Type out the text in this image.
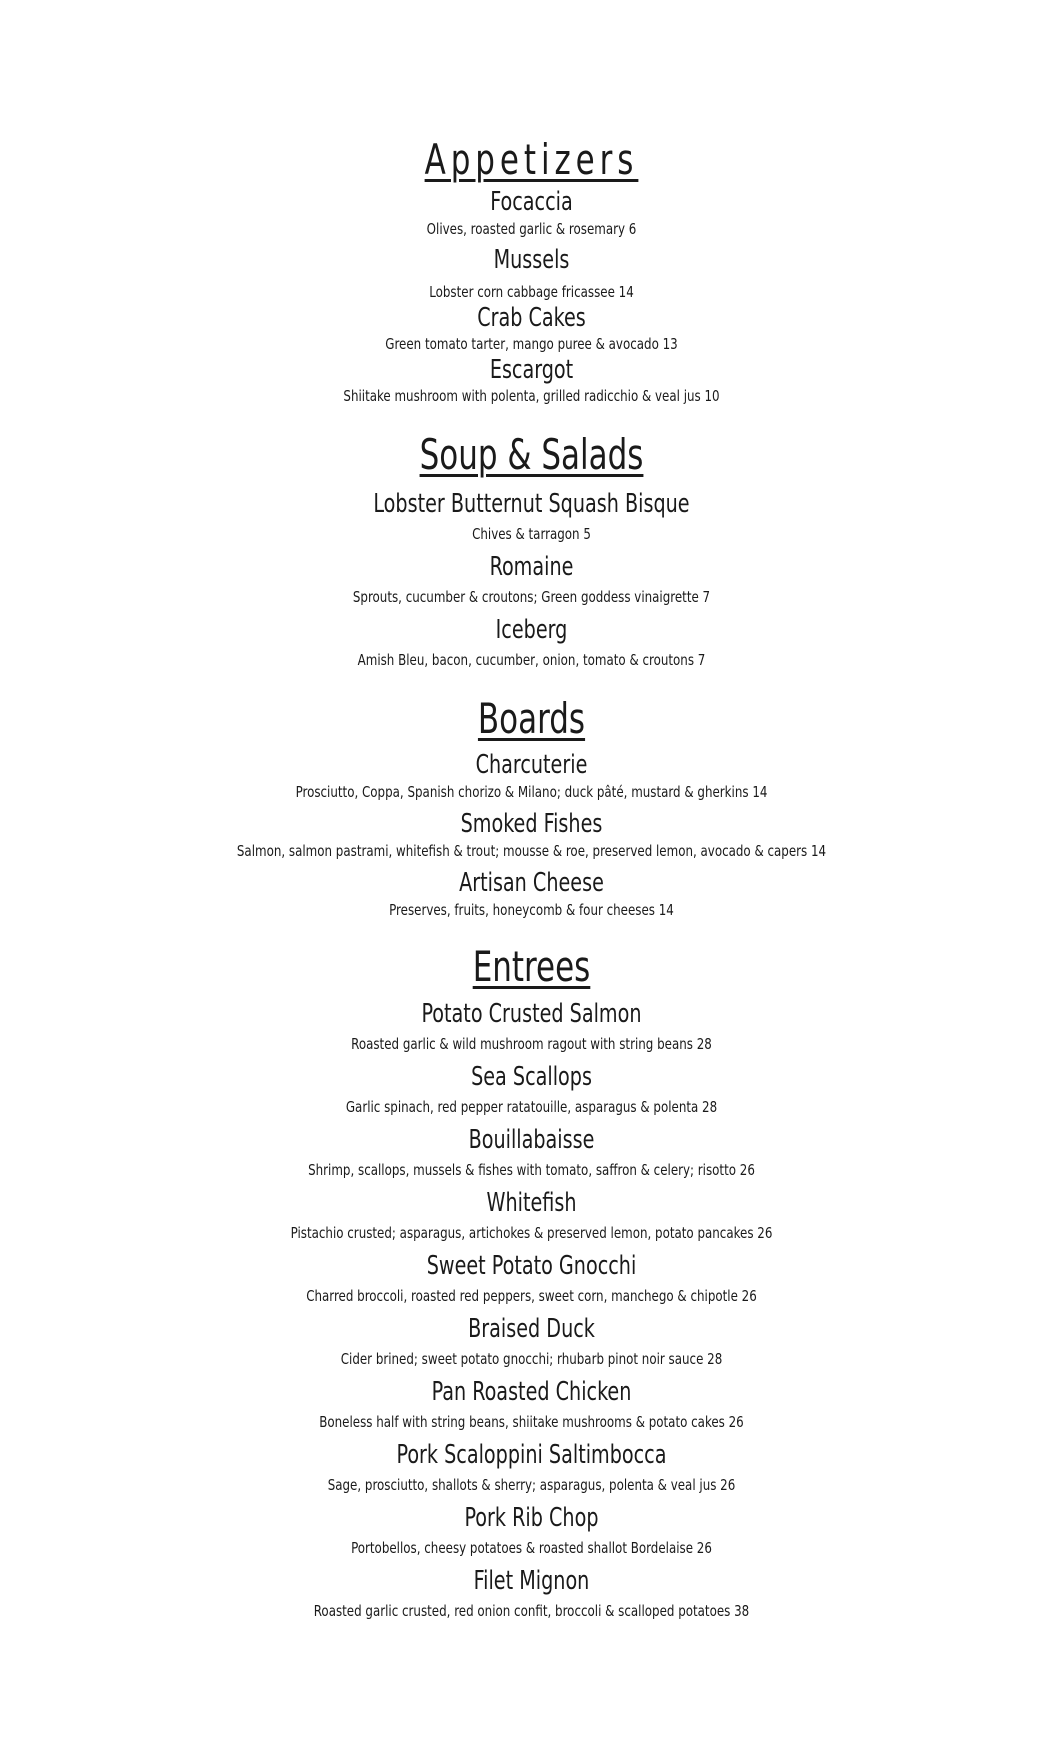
Appetizers
Focaccia
Olives, roasted garlic & rosemary 6
Mussels
Lobster corn cabbage fricassee 14
Crab Cakes
Green tomato tarter, mango puree & avocado 13
Escargot
Shiitake mushroom with polenta, grilled radicchio & veal jus 10
Soup & Salads
Lobster Butternut Squash Bisque
Chives & tarragon 5
Romaine
Sprouts, cucumber & croutons; Green goddess vinaigrette 7
Iceberg
Amish Bleu, bacon, cucumber, onion, tomato & croutons 7
Boards
Charcuterie
Prosciutto, Coppa, Spanish chorizo & Milano; duck pâté, mustard & gherkins 14
Smoked Fishes
Salmon, salmon pastrami, whitefish & trout; mousse & roe, preserved lemon, avocado & capers 14
Artisan Cheese
Preserves, fruits, honeycomb & four cheeses 14
Entrees
Potato Crusted Salmon
Roasted garlic & wild mushroom ragout with string beans 28
Sea Scallops
Garlic spinach, red pepper ratatouille, asparagus & polenta 28
Bouillabaisse
Shrimp, scallops, mussels & fishes with tomato, saffron & celery; risotto 26
Whitefish
Pistachio crusted; asparagus, artichokes & preserved lemon, potato pancakes 26
Sweet Potato Gnocchi
Charred broccoli, roasted red peppers, sweet corn, manchego & chipotle 26
Braised Duck
Cider brined; sweet potato gnocchi; rhubarb pinot noir sauce 28
Pan Roasted Chicken
Boneless half with string beans, shiitake mushrooms & potato cakes 26
Pork Scaloppini Saltimbocca
Sage, prosciutto, shallots & sherry; asparagus, polenta & veal jus 26
Pork Rib Chop
Portobellos, cheesy potatoes & roasted shallot Bordelaise 26
Filet Mignon
Roasted garlic crusted, red onion confit, broccoli & scalloped potatoes 38
